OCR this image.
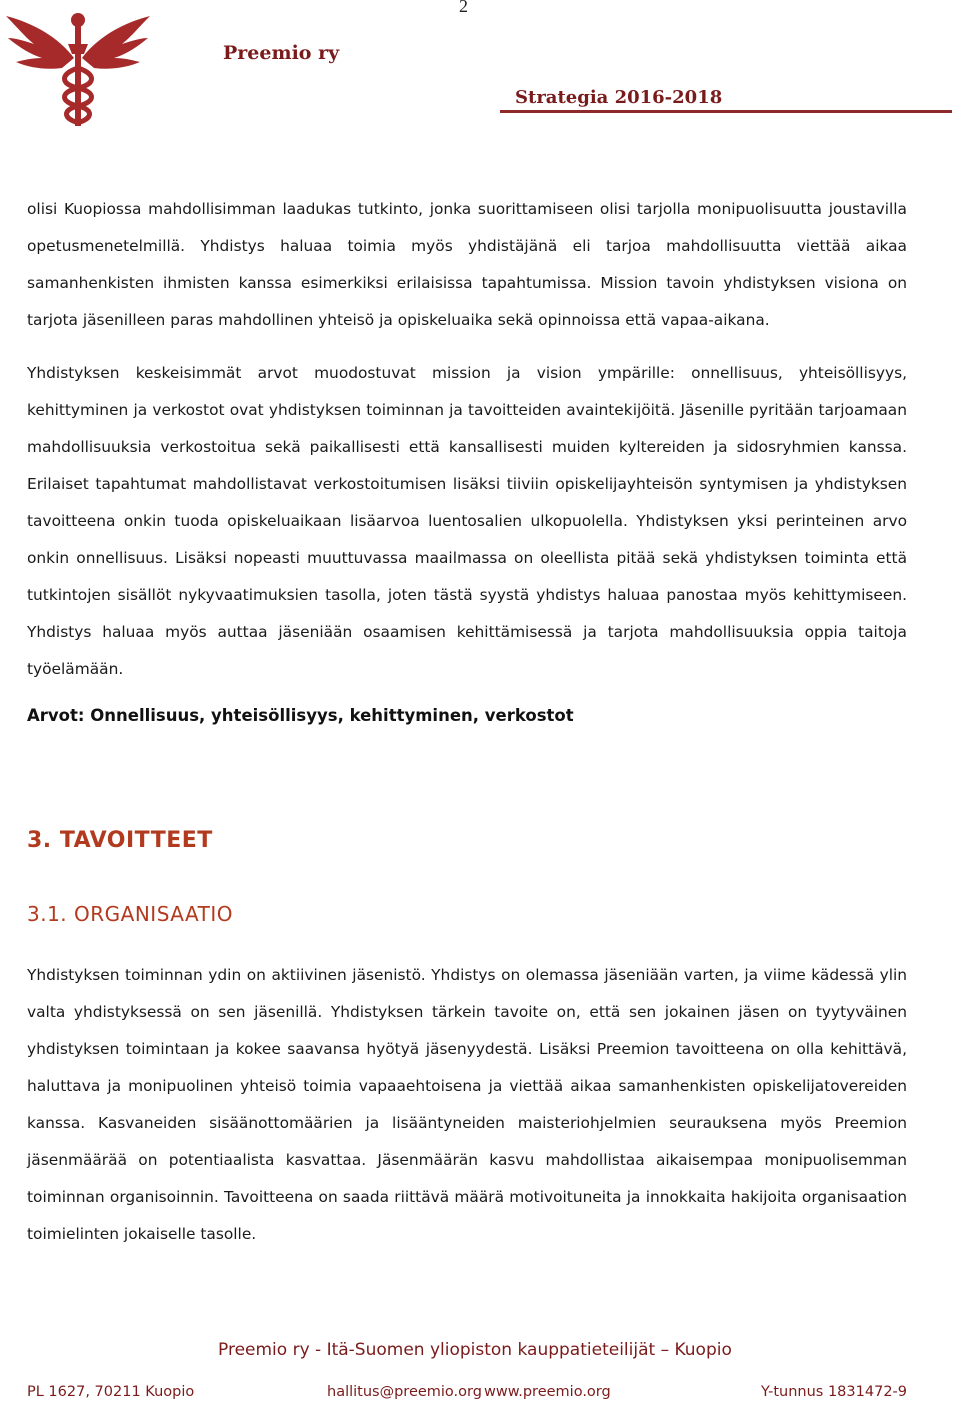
2
Preemio ry
Strategia 2016-2018
olisi Kuopiossa mahdollisimman laadukas tutkinto, jonka suorittamiseen olisi tarjolla monipuolisuutta joustavilla opetusmenetelmillä. Yhdistys haluaa toimia myös yhdistäjänä eli tarjoa mahdollisuutta viettää aikaa samanhenkisten ihmisten kanssa esimerkiksi erilaisissa tapahtumissa. Mission tavoin yhdistyksen visiona on tarjota jäsenilleen paras mahdollinen yhteisö ja opiskeluaika sekä opinnoissa että vapaa-aikana.
Yhdistyksen keskeisimmät arvot muodostuvat mission ja vision ympärille: onnellisuus, yhteisöllisyys, kehittyminen ja verkostot ovat yhdistyksen toiminnan ja tavoitteiden avaintekijöitä. Jäsenille pyritään tarjoamaan mahdollisuuksia verkostoitua sekä paikallisesti että kansallisesti muiden kyltereiden ja sidosryhmien kanssa. Erilaiset tapahtumat mahdollistavat verkostoitumisen lisäksi tiiviin opiskelijayhteisön syntymisen ja yhdistyksen tavoitteena onkin tuoda opiskeluaikaan lisäarvoa luentosalien ulkopuolella. Yhdistyksen yksi perinteinen arvo onkin onnellisuus. Lisäksi nopeasti muuttuvassa maailmassa on oleellista pitää sekä yhdistyksen toiminta että tutkintojen sisällöt nykyvaatimuksien tasolla, joten tästä syystä yhdistys haluaa panostaa myös kehittymiseen. Yhdistys haluaa myös auttaa jäseniään osaamisen kehittämisessä ja tarjota mahdollisuuksia oppia taitoja työelämään.
Arvot: Onnellisuus, yhteisöllisyys, kehittyminen, verkostot
3. TAVOITTEET
3.1. ORGANISAATIO
Yhdistyksen toiminnan ydin on aktiivinen jäsenistö. Yhdistys on olemassa jäseniään varten, ja viime kädessä ylin valta yhdistyksessä on sen jäsenillä. Yhdistyksen tärkein tavoite on, että sen jokainen jäsen on tyytyväinen yhdistyksen toimintaan ja kokee saavansa hyötyä jäsenyydestä. Lisäksi Preemion tavoitteena on olla kehittävä, haluttava ja monipuolinen yhteisö toimia vapaaehtoisena ja viettää aikaa samanhenkisten opiskelijatovereiden kanssa. Kasvaneiden sisäänottomäärien ja lisääntyneiden maisteriohjelmien seurauksena myös Preemion jäsenmäärää on potentiaalista kasvattaa. Jäsenmäärän kasvu mahdollistaa aikaisempaa monipuolisemman toiminnan organisoinnin. Tavoitteena on saada riittävä määrä motivoituneita ja innokkaita hakijoita organisaation toimielinten jokaiselle tasolle.
Preemio ry - Itä-Suomen yliopiston kauppatieteilijät – Kuopio
PL 1627, 70211 Kuopio	hallitus@preemio.org www.preemio.org	Y-tunnus 1831472-9
